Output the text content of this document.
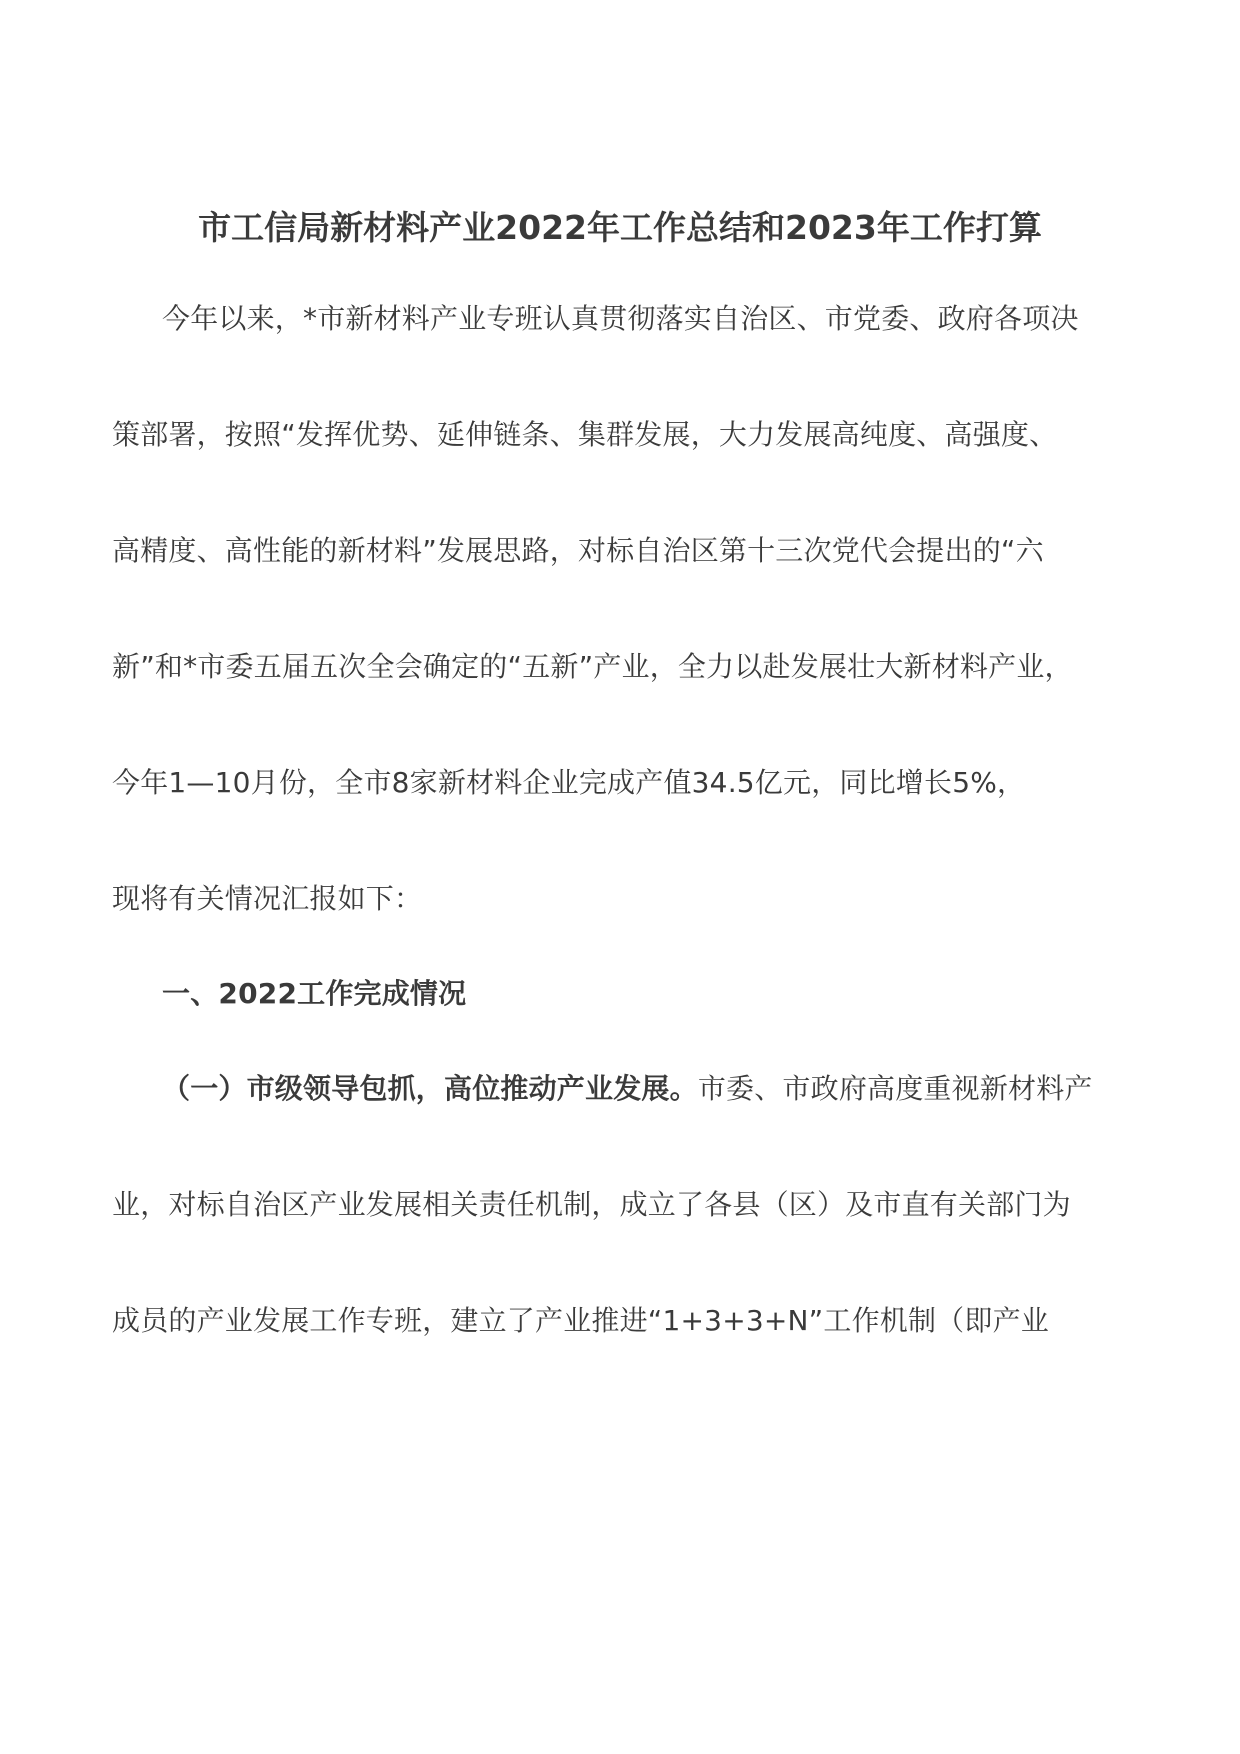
市工信局新材料产业2022年工作总结和2023年工作打算
今年以来，*市新材料产业专班认真贯彻落实自治区、市党委、政府各项决
策部署，按照“发挥优势、延伸链条、集群发展，大力发展高纯度、高强度、
高精度、高性能的新材料”发展思路，对标自治区第十三次党代会提出的“六
新”和*市委五届五次全会确定的“五新”产业，全力以赴发展壮大新材料产业，
今年1—10月份，全市8家新材料企业完成产值34.5亿元，同比增长5%，
现将有关情况汇报如下：
一、2022工作完成情况
（一）市级领导包抓，高位推动产业发展。市委、市政府高度重视新材料产
业，对标自治区产业发展相关责任机制，成立了各县（区）及市直有关部门为
成员的产业发展工作专班，建立了产业推进“1+3+3+N”工作机制（即产业
